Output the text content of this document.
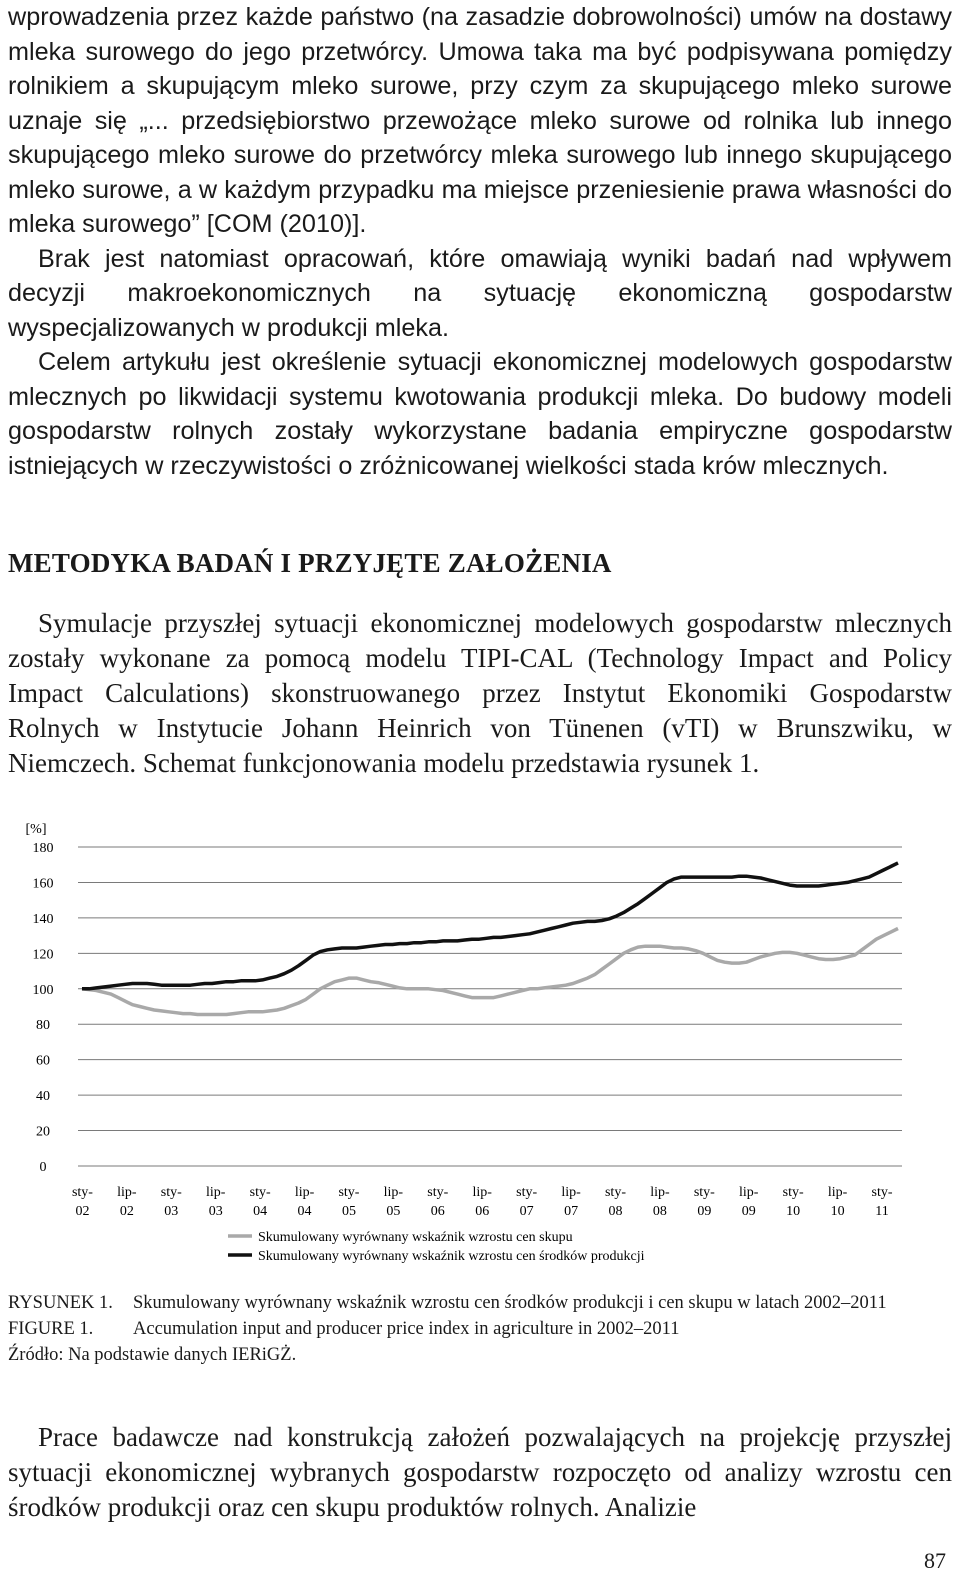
wprowadzenia przez każde państwo (na zasadzie dobrowolności) umów na dostawy mleka surowego do jego przetwórcy. Umowa taka ma być podpisywana pomiędzy rolnikiem a skupującym mleko surowe, przy czym za skupującego mleko surowe uznaje się „... przedsiębiorstwo przewożące mleko surowe od rolnika lub innego skupującego mleko surowe do przetwórcy mleka surowego lub innego skupującego mleko surowe, a w każdym przypadku ma miejsce przeniesienie prawa własności do mleka surowego” [COM (2010)].
Brak jest natomiast opracowań, które omawiają wyniki badań nad wpływem decyzji makroekonomicznych na sytuację ekonomiczną gospodarstw wyspecjalizowanych w produkcji mleka.
Celem artykułu jest określenie sytuacji ekonomicznej modelowych gospodarstw mlecznych po likwidacji systemu kwotowania produkcji mleka. Do budowy modeli gospodarstw rolnych zostały wykorzystane badania empiryczne gospodarstw istniejących w rzeczywistości o zróżnicowanej wielkości stada krów mlecznych.
METODYKA BADAŃ I PRZYJĘTE ZAŁOŻENIA

Symulacje przyszłej sytuacji ekonomicznej modelowych gospodarstw mlecznych zostały wykonane za pomocą modelu TIPI-CAL (Technology Impact and Policy Impact Calculations) skonstruowanego przez Instytut Ekonomiki Gospodarstw Rolnych w Instytucie Johann Heinrich von Tünenen (vTI) w Brunszwiku, w Niemczech. Schemat funkcjonowania modelu przedstawia rysunek 1.

0
20
40
60
80
100
120
140
160
180
[%]
sty-02
lip-02
sty-03
lip-03
sty-04
lip-04
sty-05
lip-05
sty-06
lip-06
sty-07
lip-07
sty-08
lip-08
sty-09
lip-09
sty-10
lip-10
sty-11
Skumulowany wyrównany wskaźnik wzrostu cen skupu
Skumulowany wyrównany wskaźnik wzrostu cen środków produkcji
RYSUNEK 1.	Skumulowany wyrównany wskaźnik wzrostu cen środków produkcji i cen skupu w latach 2002–2011
FIGURE 1.	Accumulation input and producer price index in agriculture in 2002–2011
Źródło: Na podstawie danych IERiGŻ.

Prace badawcze nad konstrukcją założeń pozwalających na projekcję przyszłej sytuacji ekonomicznej wybranych gospodarstw rozpoczęto od analizy wzrostu cen środków produkcji oraz cen skupu produktów rolnych. Analizie

87
